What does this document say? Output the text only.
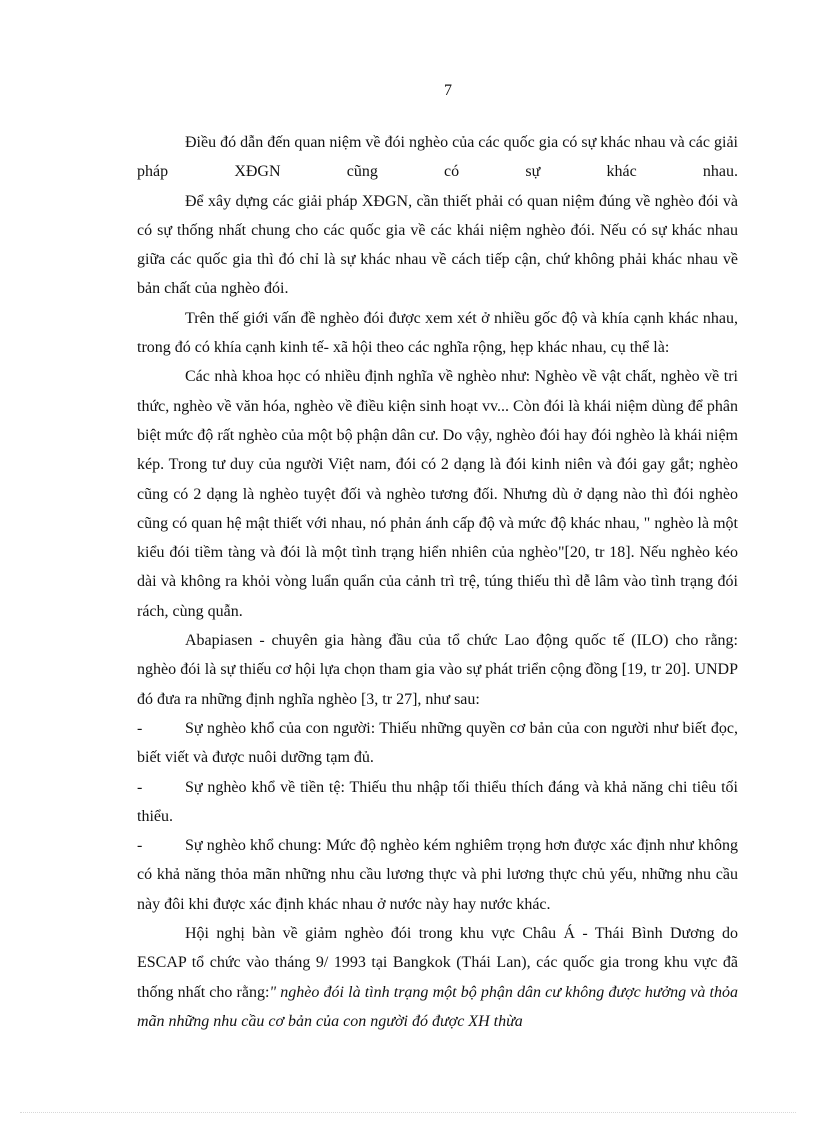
7

Điều đó dẫn đến quan niệm về đói nghèo của các quốc gia có sự khác nhau và các giải pháp XĐGN cũng có sự khác nhau.

Để xây dựng các giải pháp XĐGN, cần thiết phải có quan niệm đúng về nghèo đói và có sự thống nhất chung cho các quốc gia về các khái niệm nghèo đói. Nếu có sự khác nhau giữa các quốc gia thì đó chỉ là sự khác nhau về cách tiếp cận, chứ không phải khác nhau về bản chất của nghèo đói.

Trên thế giới vấn đề nghèo đói được xem xét ở nhiều gốc độ và khía cạnh khác nhau, trong đó có khía cạnh kinh tế- xã hội theo các nghĩa rộng, hẹp khác nhau, cụ thể là:

Các nhà khoa học có nhiều định nghĩa về nghèo như: Nghèo về vật chất, nghèo về tri thức, nghèo về văn hóa, nghèo về điều kiện sinh hoạt vv... Còn đói là khái niệm dùng để phân biệt mức độ rất nghèo của một bộ phận dân cư. Do vậy, nghèo đói hay đói nghèo là khái niệm kép. Trong tư duy của người Việt nam, đói có 2 dạng là đói kinh niên và đói gay gắt; nghèo cũng có 2 dạng là nghèo tuyệt đối và nghèo tương đối. Nhưng dù ở dạng nào thì đói nghèo cũng có quan hệ mật thiết với nhau, nó phản ánh cấp độ và mức độ khác nhau, " nghèo là một kiểu đói tiềm tàng và đói là một tình trạng hiển nhiên của nghèo"[20, tr 18]. Nếu nghèo kéo dài và không ra khỏi vòng luẩn quẩn của cảnh trì trệ, túng thiếu thì dễ lâm vào tình trạng đói rách, cùng quẫn.

Abapiasen - chuyên gia hàng đầu của tổ chức Lao động quốc tế (ILO) cho rằng: nghèo đói là sự thiếu cơ hội lựa chọn tham gia vào sự phát triển cộng đồng [19, tr 20]. UNDP đó đưa ra những định nghĩa nghèo [3, tr 27], như sau:

-	Sự nghèo khổ của con người: Thiếu những quyền cơ bản của con người như biết đọc, biết viết và được nuôi dưỡng tạm đủ.

-	Sự nghèo khổ về tiền tệ: Thiếu thu nhập tối thiểu thích đáng và khả năng chi tiêu tối thiểu.

-	Sự nghèo khổ chung: Mức độ nghèo kém nghiêm trọng hơn được xác định như không có khả năng thỏa mãn những nhu cầu lương thực và phi lương thực chủ yếu, những nhu cầu này đôi khi được xác định khác nhau ở nước này hay nước khác.

Hội nghị bàn về giảm nghèo đói trong khu vực Châu Á - Thái Bình Dương do ESCAP tổ chức vào tháng 9/ 1993 tại Bangkok (Thái Lan), các quốc gia trong khu vực đã thống nhất cho rằng:" nghèo đói là tình trạng một bộ phận dân cư không được hưởng và thỏa mãn những nhu cầu cơ bản của con người đó được XH thừa
